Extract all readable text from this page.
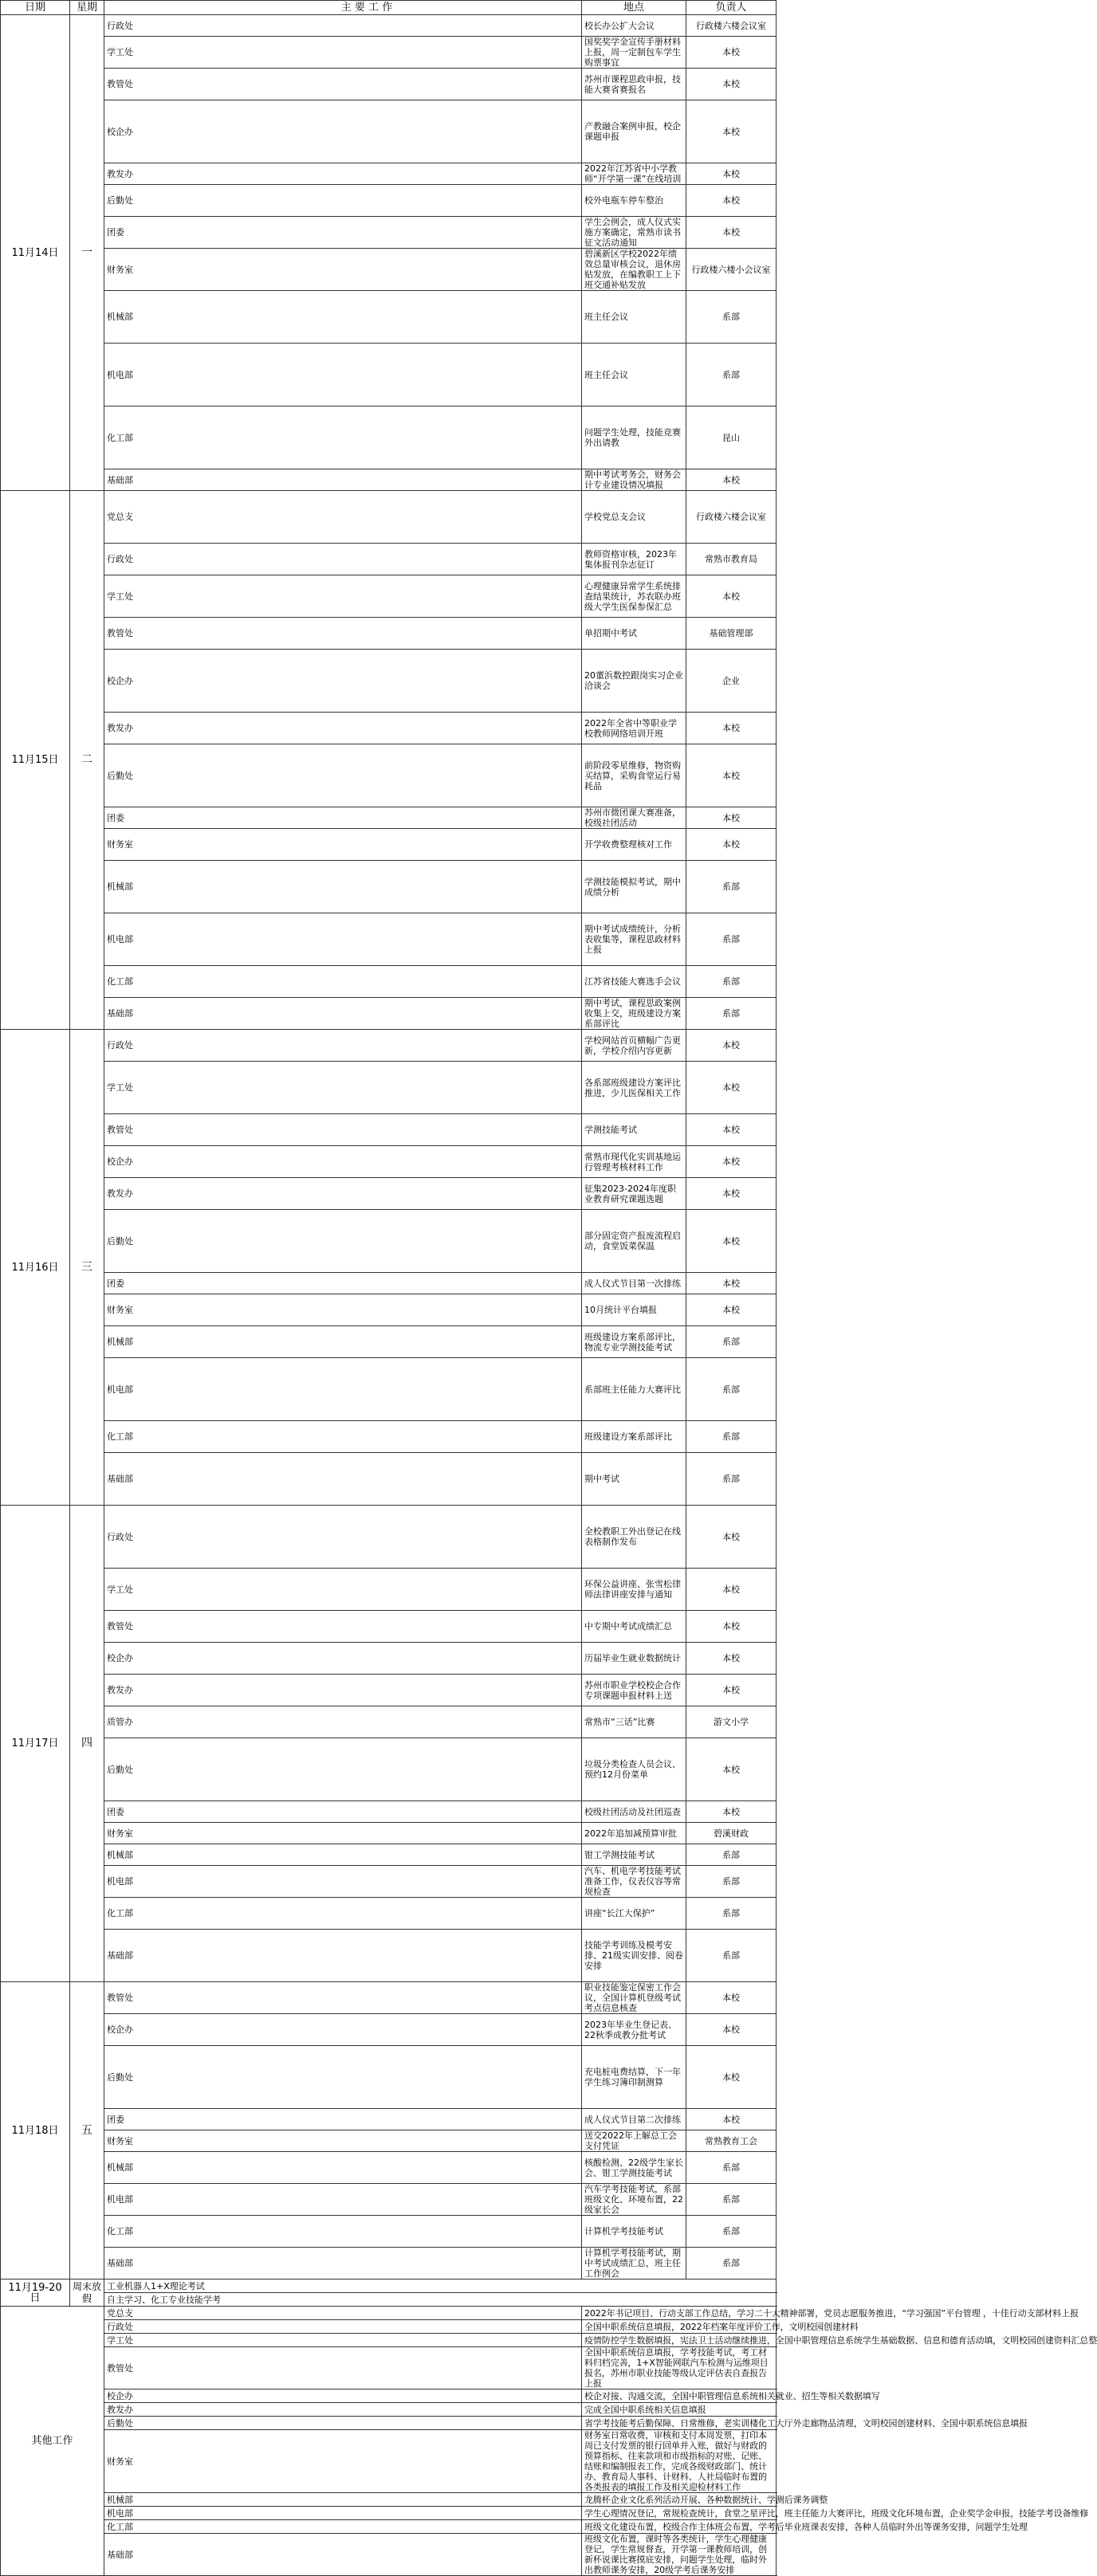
日期	星期	主 要 工 作	地点	负责人	
11月14日	一	行政处	校长办公扩大会议	行政楼六楼会议室	
		学工处	国奖奖学金宣传手册材料上报，周一定制包车学生购票事宜	本校	
		教管处	苏州市课程思政申报，技能大赛省赛报名	本校	
		校企办	产教融合案例申报，校企课题申报	本校	
		教发办	2022年江苏省中小学教师“开学第一课”在线培训	本校	
		后勤处	校外电瓶车停车整治	本校	
		团委	学生会例会，成人仪式实施方案确定，常熟市读书征文活动通知	本校	
		财务室	碧溪新区学校2022年绩效总量审核会议，退休房贴发放，在编教职工上下班交通补贴发放	行政楼六楼小会议室	
		机械部	班主任会议	系部	
		机电部	班主任会议	系部	
		化工部	问题学生处理，技能竞赛外出请教	昆山	
		基础部	期中考试考务会，财务会计专业建设情况填报	本校	
11月15日	二	党总支	学校党总支会议	行政楼六楼会议室	
		行政处	教师资格审核，2023年集体报刊杂志征订	常熟市教育局	
		学工处	心理健康异常学生系统排查结果统计，苏农联办班级大学生医保参保汇总	本校	
		教管处	单招期中考试	基础管理部	
		校企办	20董浜数控跟岗实习企业洽谈会	企业	
		教发办	2022年全省中等职业学校教师网络培训开班	本校	
		后勤处	前阶段零星维修，物资购买结算，采购食堂运行易耗品	本校	
		团委	苏州市微团课大赛准备，校级社团活动	本校	
		财务室	开学收费整理核对工作	本校	
		机械部	学测技能模拟考试，期中成绩分析	系部	
		机电部	期中考试成绩统计，分析表收集等，课程思政材料上报	系部	
		化工部	江苏省技能大赛选手会议	系部	
		基础部	期中考试，课程思政案例收集上交，班级建设方案系部评比	系部	
11月16日	三	行政处	学校网站首页横幅广告更新，学校介绍内容更新	本校	
		学工处	各系部班级建设方案评比推进，少儿医保相关工作	本校	
		教管处	学测技能考试	本校	
		校企办	常熟市现代化实训基地运行管理考核材料工作	本校	
		教发办	征集2023-2024年度职业教育研究课题选题	本校	
		后勤处	部分固定资产报废流程启动，食堂饭菜保温	本校	
		团委	成人仪式节目第一次排练	本校	
		财务室	10月统计平台填报	本校	
		机械部	班级建设方案系部评比，物流专业学测技能考试	系部	
		机电部	系部班主任能力大赛评比	系部	
		化工部	班级建设方案系部评比	系部	
		基础部	期中考试	系部	
11月17日	四	行政处	全校教职工外出登记在线表格制作发布	本校	
		学工处	环保公益讲座、张雪松律师法律讲座安排与通知	本校	
		教管处	中专期中考试成绩汇总	本校	
		校企办	历届毕业生就业数据统计	本校	
		教发办	苏州市职业学校校企合作专项课题申报材料上送	本校	
		质管办	常熟市“三话”比赛	游文小学	
		后勤处	垃圾分类检查人员会议、预约12月份菜单	本校	
		团委	校级社团活动及社团巡查	本校	
		财务室	2022年追加减预算审批	碧溪财政	
		机械部	钳工学测技能考试	系部	
		机电部	汽车、机电学考技能考试准备工作，仪表仪容等常规检查	系部	
		化工部	讲座“长江大保护”	系部	
		基础部	技能学考训练及模考安排、21级实训安排、阅卷安排	系部	
11月18日	五	教管处	职业技能鉴定保密工作会议，全国计算机登级考试考点信息核查	本校	
		校企办	2023年毕业生登记表、22秋季成教分批考试	本校	
		后勤处	充电桩电费结算，下一年学生练习簿印制测算	本校	
		团委	成人仪式节目第二次排练	本校	
		财务室	送交2022年上解总工会支付凭证	常熟教育工会	
		机械部	核酸检测、22级学生家长会、钳工学测技能考试	系部	
		机电部	汽车学考技能考试，系部班级文化、环境布置，22级家长会	系部	
		化工部	计算机学考技能考试	系部	
		基础部	计算机学考技能考试，期中考试成绩汇总，班主任工作例会	系部	
11月19-20日	周末放假	工业机器人1+X理论考试			
		自主学习、化工专业技能学考			
其他工作		党总支	2022年书记项目、行动支部工作总结，学习二十大精神部署，党员志愿服务推进，“学习强国”平台管理 ，十佳行动支部材料上报		
		行政处	全国中职系统信息填报，2022年档案年度评价工作，文明校园创建材料		
		学工处	疫情防控学生数据填报，宪法卫士活动继续推进，全国中职管理信息系统学生基础数据、信息和德育活动填，文明校园创建资料汇总整		
		教管处	全国中职系统信息填报，学考技能考试，考工材料归档完善，1+X智能网联汽车检测与运维项目报名，苏州市职业技能等级认定评估表自查报告上报		
		校企办	校企对接、沟通交流，全国中职管理信息系统相关就业、招生等相关数据填写		
		教发办	完成全国中职系统相关信息填报		
		后勤处	省学考技能考后勤保障、日常维修，老实训楼化工大厅外走廊物品清理，文明校园创建材料、全国中职系统信息填报		
		财务室	财务室日常收费，审核和支付本周发票，打印本周已支付发票的银行回单并入账，做好与财政的预算指标、往来款项和市级指标的对账、记账、结账和编制报表工作，完成各级财政部门、统计办、教育局人事科、计财科、人社局临时布置的各类报表的填报工作及相关迎检材料工作		
		机械部	龙腾杯企业文化系列活动开展、各种数据统计、学测后课务调整		
		机电部	学生心理情况登记，常规检查统计，食堂之星评比，班主任能力大赛评比，班级文化环境布置，企业奖学金申报，技能学考设备维修		
		化工部	班级文化建设布置，校级合作主体班会布置，学考后毕业班课表安排，各种人员临时外出等课务安排，问题学生处理		
		基础部	班级文化布置，课时等各类统计，学生心理健康登记，学生常规督查，开学第一课教师培训，创新杯说课比赛摸底安排，问题学生处理，临时外出教师课务安排，20级学考后课务安排		
